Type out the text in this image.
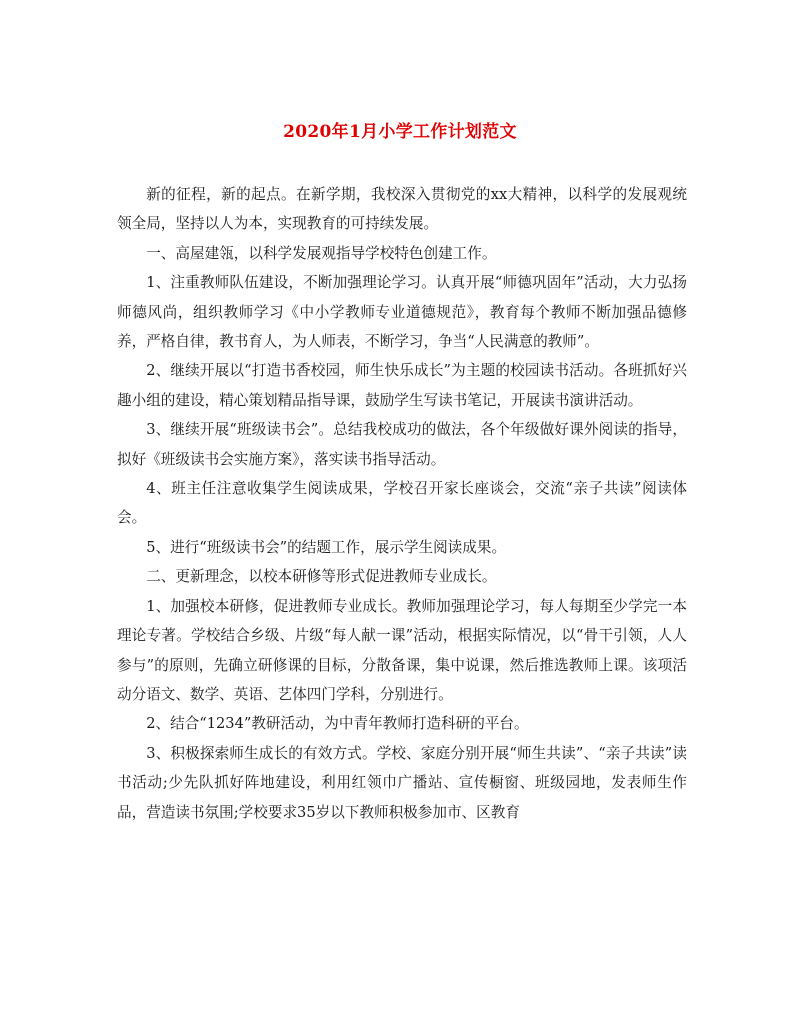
2020年1月小学工作计划范文

新的征程，新的起点。在新学期，我校深入贯彻党的xx大精神，以科学的发展观统领全局，坚持以人为本，实现教育的可持续发展。

一、高屋建瓴，以科学发展观指导学校特色创建工作。

1、注重教师队伍建设，不断加强理论学习。认真开展“师德巩固年”活动，大力弘扬师德风尚，组织教师学习《中小学教师专业道德规范》，教育每个教师不断加强品德修养，严格自律，教书育人，为人师表，不断学习，争当“人民满意的教师”。

2、继续开展以“打造书香校园，师生快乐成长”为主题的校园读书活动。各班抓好兴趣小组的建设，精心策划精品指导课，鼓励学生写读书笔记，开展读书演讲活动。

3、继续开展“班级读书会”。总结我校成功的做法，各个年级做好课外阅读的指导，拟好《班级读书会实施方案》，落实读书指导活动。

4、班主任注意收集学生阅读成果，学校召开家长座谈会，交流“亲子共读”阅读体会。

5、进行“班级读书会”的结题工作，展示学生阅读成果。

二、更新理念，以校本研修等形式促进教师专业成长。

1、加强校本研修，促进教师专业成长。教师加强理论学习，每人每期至少学完一本理论专著。学校结合乡级、片级“每人献一课”活动，根据实际情况，以“骨干引领，人人参与”的原则，先确立研修课的目标，分散备课，集中说课，然后推选教师上课。该项活动分语文、数学、英语、艺体四门学科，分别进行。

2、结合“1234”教研活动，为中青年教师打造科研的平台。

3、积极探索师生成长的有效方式。学校、家庭分别开展“师生共读”、“亲子共读”读书活动;少先队抓好阵地建设，利用红领巾广播站、宣传橱窗、班级园地，发表师生作品，营造读书氛围;学校要求35岁以下教师积极参加市、区教育
